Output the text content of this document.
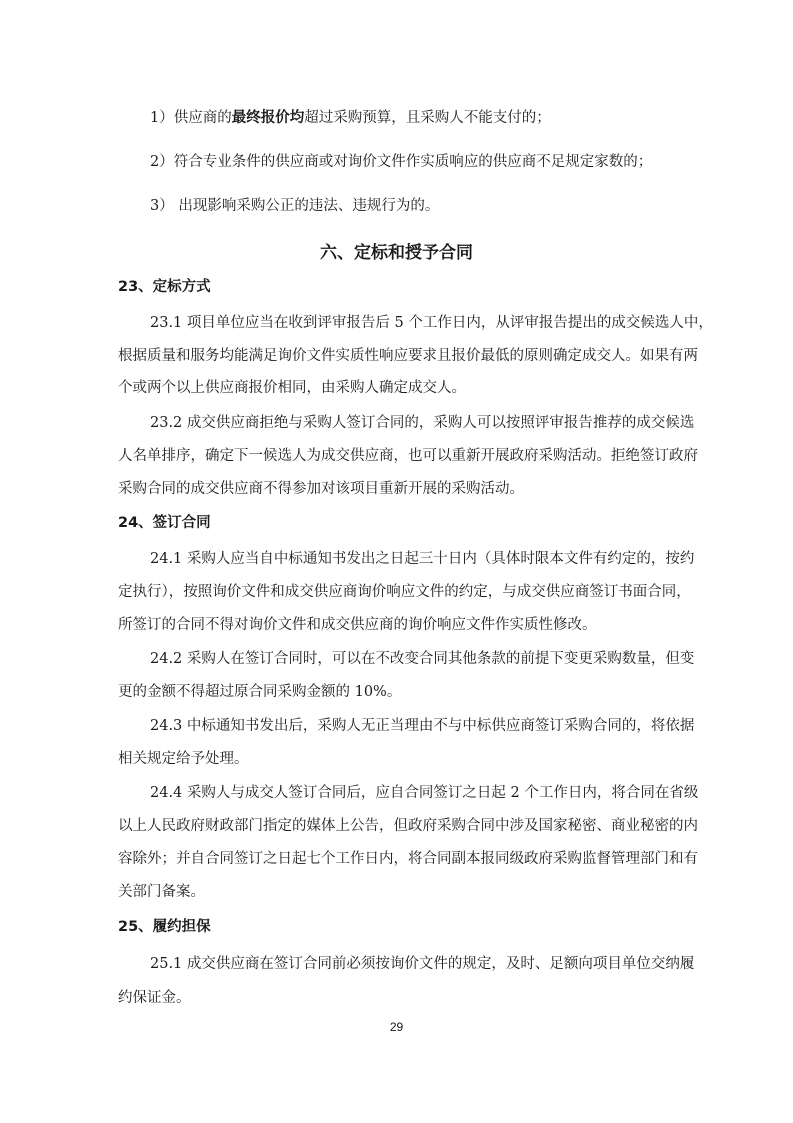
1）供应商的最终报价均超过采购预算，且采购人不能支付的；
2）符合专业条件的供应商或对询价文件作实质响应的供应商不足规定家数的；
3） 出现影响采购公正的违法、违规行为的。
六、定标和授予合同
23、定标方式
23.1 项目单位应当在收到评审报告后 5 个工作日内，从评审报告提出的成交候选人中，
根据质量和服务均能满足询价文件实质性响应要求且报价最低的原则确定成交人。如果有两
个或两个以上供应商报价相同，由采购人确定成交人。
23.2 成交供应商拒绝与采购人签订合同的，采购人可以按照评审报告推荐的成交候选
人名单排序，确定下一候选人为成交供应商，也可以重新开展政府采购活动。拒绝签订政府
采购合同的成交供应商不得参加对该项目重新开展的采购活动。
24、签订合同
24.1 采购人应当自中标通知书发出之日起三十日内（具体时限本文件有约定的，按约
定执行），按照询价文件和成交供应商询价响应文件的约定，与成交供应商签订书面合同，
所签订的合同不得对询价文件和成交供应商的询价响应文件作实质性修改。
24.2 采购人在签订合同时，可以在不改变合同其他条款的前提下变更采购数量，但变
更的金额不得超过原合同采购金额的 10%。
24.3 中标通知书发出后，采购人无正当理由不与中标供应商签订采购合同的，将依据
相关规定给予处理。
24.4 采购人与成交人签订合同后，应自合同签订之日起 2 个工作日内，将合同在省级
以上人民政府财政部门指定的媒体上公告，但政府采购合同中涉及国家秘密、商业秘密的内
容除外；并自合同签订之日起七个工作日内，将合同副本报同级政府采购监督管理部门和有
关部门备案。
25、履约担保
25.1 成交供应商在签订合同前必须按询价文件的规定，及时、足额向项目单位交纳履
约保证金。
29
